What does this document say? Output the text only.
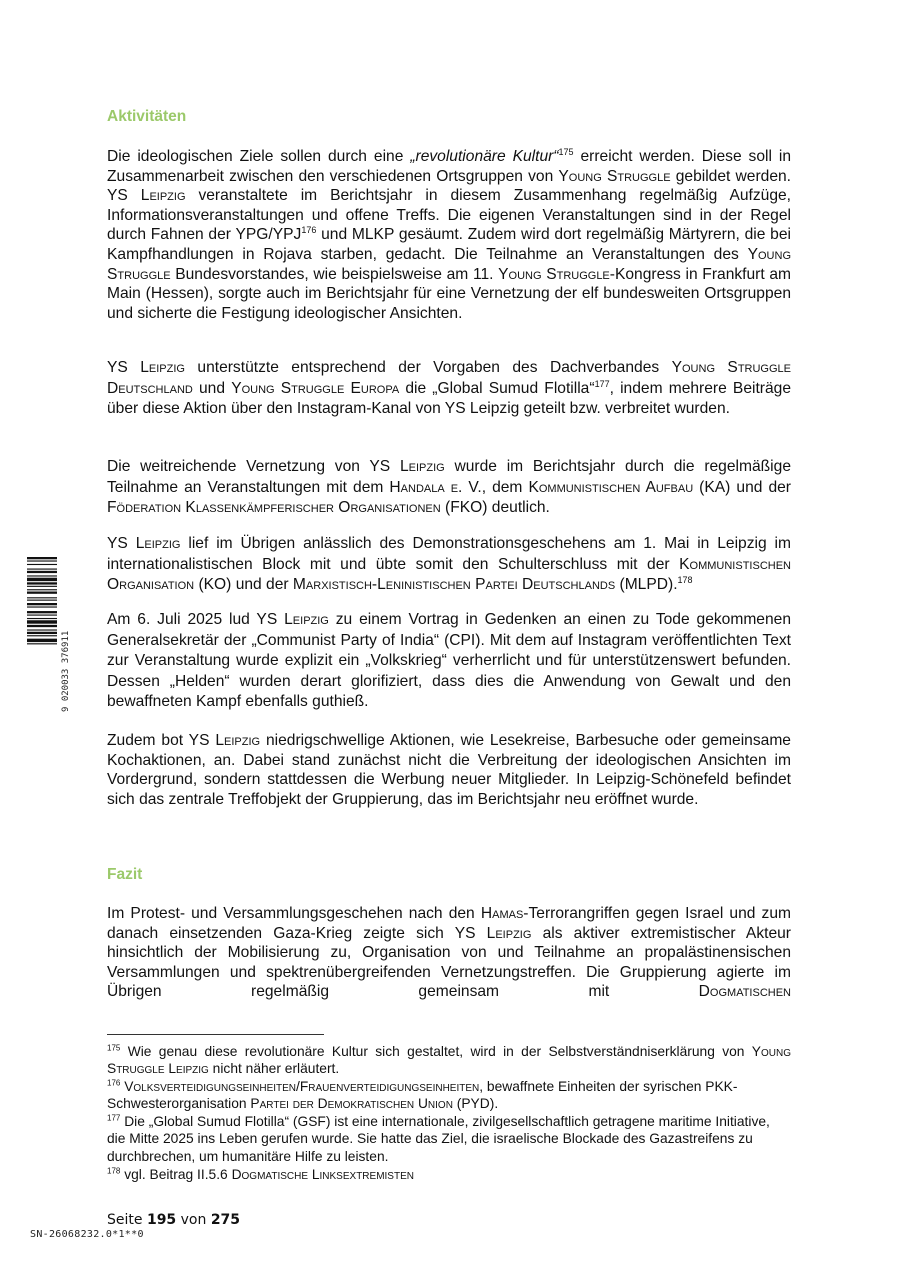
Aktivitäten

Die ideologischen Ziele sollen durch eine „revolutionäre Kultur“$^{175}$ erreicht werden. Diese soll in Zusammenarbeit zwischen den verschiedenen Ortsgruppen von Young Struggle gebildet werden. YS Leipzig veranstaltete im Berichtsjahr in diesem Zusammenhang regelmäßig Aufzüge, Informationsveranstaltungen und offene Treffs. Die eigenen Veranstaltungen sind in der Regel durch Fahnen der YPG/YPJ$^{176}$ und MLKP gesäumt. Zudem wird dort regelmäßig Märtyrern, die bei Kampfhandlungen in Rojava starben, gedacht. Die Teilnahme an Veranstaltungen des Young Struggle Bundesvorstandes, wie beispielsweise am 11. Young Struggle-Kongress in Frankfurt am Main (Hessen), sorgte auch im Berichtsjahr für eine Vernetzung der elf bundesweiten Ortsgruppen und sicherte die Festigung ideologischer Ansichten.

YS Leipzig unterstützte entsprechend der Vorgaben des Dachverbandes Young Struggle Deutschland und Young Struggle Europa die „Global Sumud Flotilla“$^{177}$, indem mehrere Beiträge über diese Aktion über den Instagram-Kanal von YS Leipzig geteilt bzw. verbreitet wurden.

Die weitreichende Vernetzung von YS Leipzig wurde im Berichtsjahr durch die regelmäßige Teilnahme an Veranstaltungen mit dem Handala e. V., dem Kommunistischen Aufbau (KA) und der Föderation Klassenkämpferischer Organisationen (FKO) deutlich.

YS Leipzig lief im Übrigen anlässlich des Demonstrationsgeschehens am 1. Mai in Leipzig im internationalistischen Block mit und übte somit den Schulterschluss mit der Kommunistischen Organisation (KO) und der Marxistisch-Leninistischen Partei Deutschlands (MLPD).$^{178}$

Am 6. Juli 2025 lud YS Leipzig zu einem Vortrag in Gedenken an einen zu Tode gekommenen Generalsekretär der „Communist Party of India“ (CPI). Mit dem auf Instagram veröffentlichten Text zur Veranstaltung wurde explizit ein „Volkskrieg“ verherrlicht und für unterstützenswert befunden. Dessen „Helden“ wurden derart glorifiziert, dass dies die Anwendung von Gewalt und den bewaffneten Kampf ebenfalls guthieß.

Zudem bot YS Leipzig niedrigschwellige Aktionen, wie Lesekreise, Barbesuche oder gemeinsame Kochaktionen, an. Dabei stand zunächst nicht die Verbreitung der ideologischen Ansichten im Vordergrund, sondern stattdessen die Werbung neuer Mitglieder. In Leipzig-Schönefeld befindet sich das zentrale Treffobjekt der Gruppierung, das im Berichtsjahr neu eröffnet wurde.

Fazit

Im Protest- und Versammlungsgeschehen nach den Hamas-Terrorangriffen gegen Israel und zum danach einsetzenden Gaza-Krieg zeigte sich YS Leipzig als aktiver extremistischer Akteur hinsichtlich der Mobilisierung zu, Organisation von und Teilnahme an propalästinensischen Versammlungen und spektrenübergreifenden Vernetzungstreffen. Die Gruppierung agierte im Übrigen regelmäßig gemeinsam mit Dogmatischen

$^{175}$ Wie genau diese revolutionäre Kultur sich gestaltet, wird in der Selbstverständniserklärung von Young Struggle Leipzig nicht näher erläutert.

$^{176}$ Volksverteidigungseinheiten/Frauenverteidigungseinheiten, bewaffnete Einheiten der syrischen PKK-Schwesterorganisation Partei der Demokratischen Union (PYD).

$^{177}$ Die „Global Sumud Flotilla“ (GSF) ist eine internationale, zivilgesellschaftlich getragene maritime Initiative, die Mitte 2025 ins Leben gerufen wurde. Sie hatte das Ziel, die israelische Blockade des Gazastreifens zu durchbrechen, um humanitäre Hilfe zu leisten.

$^{178}$ vgl. Beitrag II.5.6 Dogmatische Linksextremisten

Seite 195 von 275
SN-26068232.0*1**0
9 020033 376911
